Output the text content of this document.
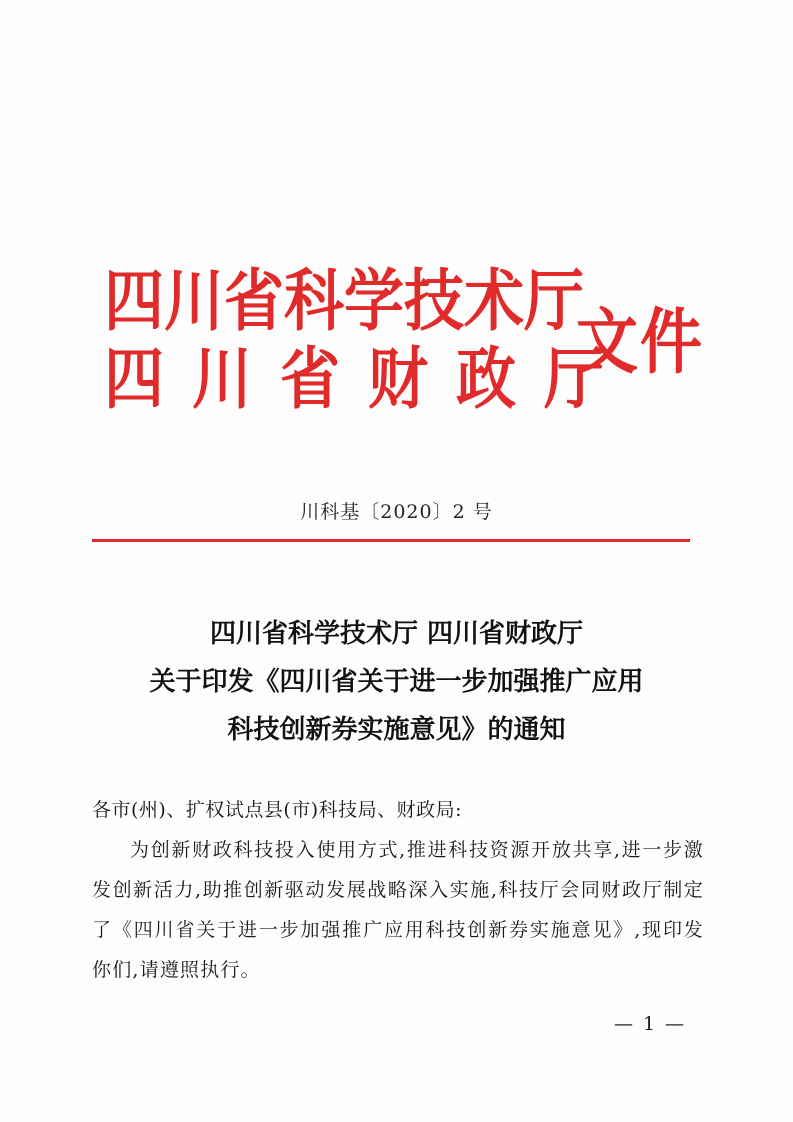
四川省科学技术厅
四川省财政厅
文件
川科基〔2020〕2 号
四川省科学技术厅 四川省财政厅
关于印发《四川省关于进一步加强推广应用
科技创新券实施意见》的通知
各市(州)、扩权试点县(市)科技局、财政局:
为创新财政科技投入使用方式,推进科技资源开放共享,进一步激发创新活力,助推创新驱动发展战略深入实施,科技厅会同财政厅制定了《四川省关于进一步加强推广应用科技创新券实施意见》,现印发你们,请遵照执行。
— 1 —
